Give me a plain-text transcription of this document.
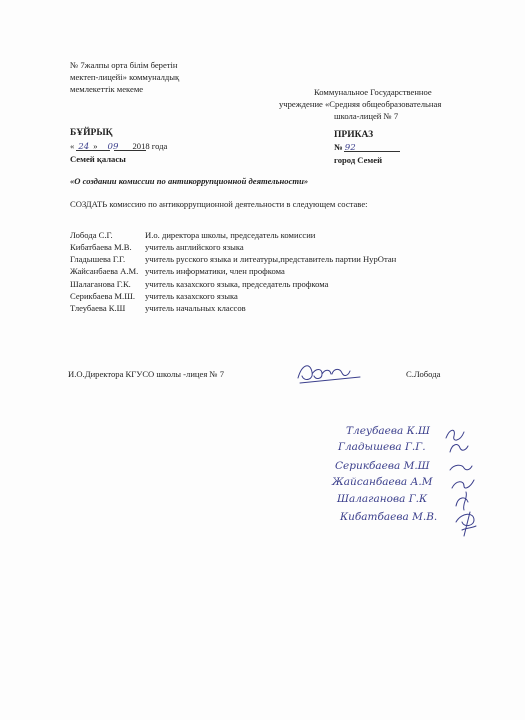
№ 7жалпы орта білім беретін
мектеп-лицейі» коммуналдық
мемлекеттік мекеме	Коммунальное Государственное
учреждение «Средняя общеобразовательная
школа-лицей № 7
БҰЙРЫҚ
« 24 » 09 2018 года
Семей қаласы
ПРИКАЗ
№ 92
город Семей
«О создании комиссии по антикоррупционной деятельности»
СОЗДАТЬ комиссию по антикоррупционной деятельности в следующем составе:
Лобода С.Г.	И.о. директора школы, председатель комиссии
Кибатбаева М.В. учитель английского языка
Гладышева Г.Г. учитель русского языка и литеатуры,представитель партии НурОтан
Жайсанбаева А.М. учитель информатики, член профкома
Шалаганова Г.К. учитель казахского языка, председатель профкома
Серикбаева М.Ш. учитель казахского языка
Тлеубаева К.Ш учитель начальных классов
И.О.Директора КГУСО школы -лицея № 7	С.Лобода
Тлеубаева К.Ш
Гладышева Г.Г.
Серикбаева М.Ш
Жайсанбаева А.М
Шалаганова Г.К
Кибатбаева М.В.
